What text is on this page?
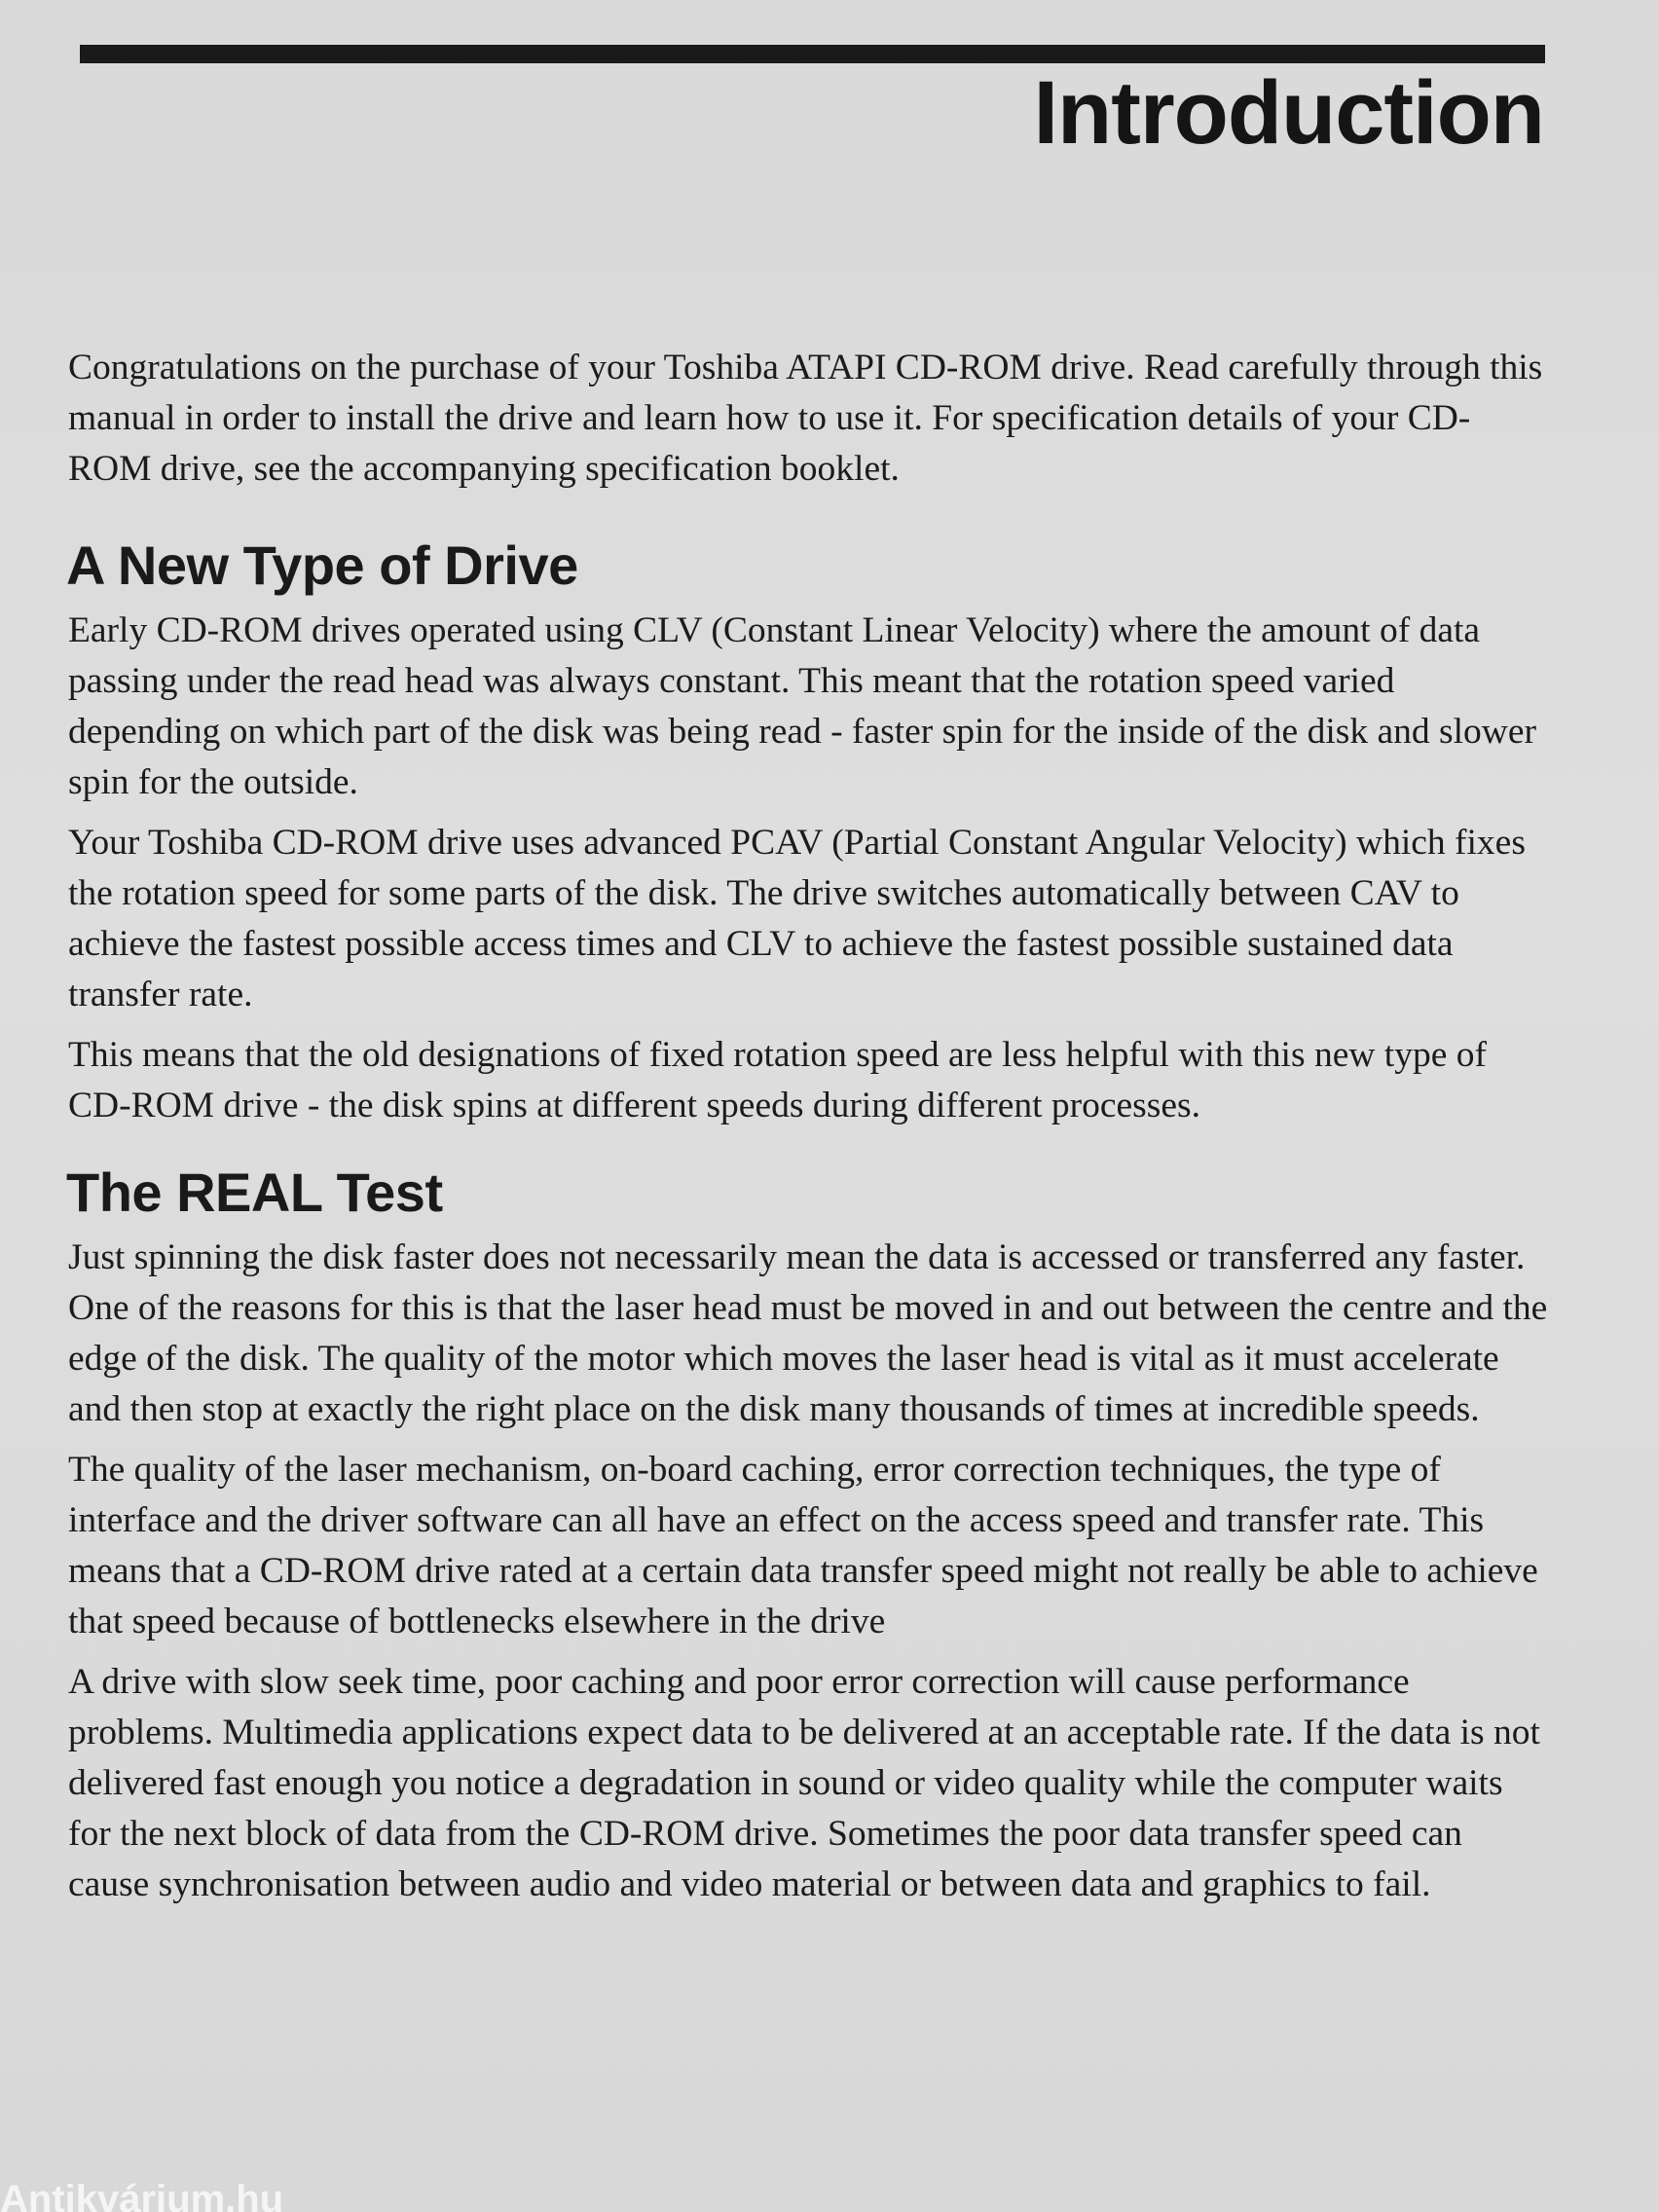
Introduction

Congratulations on the purchase of your Toshiba ATAPI CD-ROM drive. Read carefully through this manual in order to install the drive and learn how to use it. For specification details of your CD-ROM drive, see the accompanying specification booklet.

A New Type of Drive

Early CD-ROM drives operated using CLV (Constant Linear Velocity) where the amount of data passing under the read head was always constant. This meant that the rotation speed varied depending on which part of the disk was being read - faster spin for the inside of the disk and slower spin for the outside.

Your Toshiba CD-ROM drive uses advanced PCAV (Partial Constant Angular Velocity) which fixes the rotation speed for some parts of the disk. The drive switches automatically between CAV to achieve the fastest possible access times and CLV to achieve the fastest possible sustained data transfer rate.

This means that the old designations of fixed rotation speed are less helpful with this new type of CD-ROM drive - the disk spins at different speeds during different processes.

The REAL Test

Just spinning the disk faster does not necessarily mean the data is accessed or transferred any faster. One of the reasons for this is that the laser head must be moved in and out between the centre and the edge of the disk. The quality of the motor which moves the laser head is vital as it must accelerate and then stop at exactly the right place on the disk many thousands of times at incredible speeds.

The quality of the laser mechanism, on-board caching, error correction techniques, the type of interface and the driver software can all have an effect on the access speed and transfer rate. This means that a CD-ROM drive rated at a certain data transfer speed might not really be able to achieve that speed because of bottlenecks elsewhere in the drive

A drive with slow seek time, poor caching and poor error correction will cause performance problems. Multimedia applications expect data to be delivered at an acceptable rate. If the data is not delivered fast enough you notice a degradation in sound or video quality while the computer waits for the next block of data from the CD-ROM drive. Sometimes the poor data transfer speed can cause synchronisation between audio and video material or between data and graphics to fail.

Antikvárium.hu
